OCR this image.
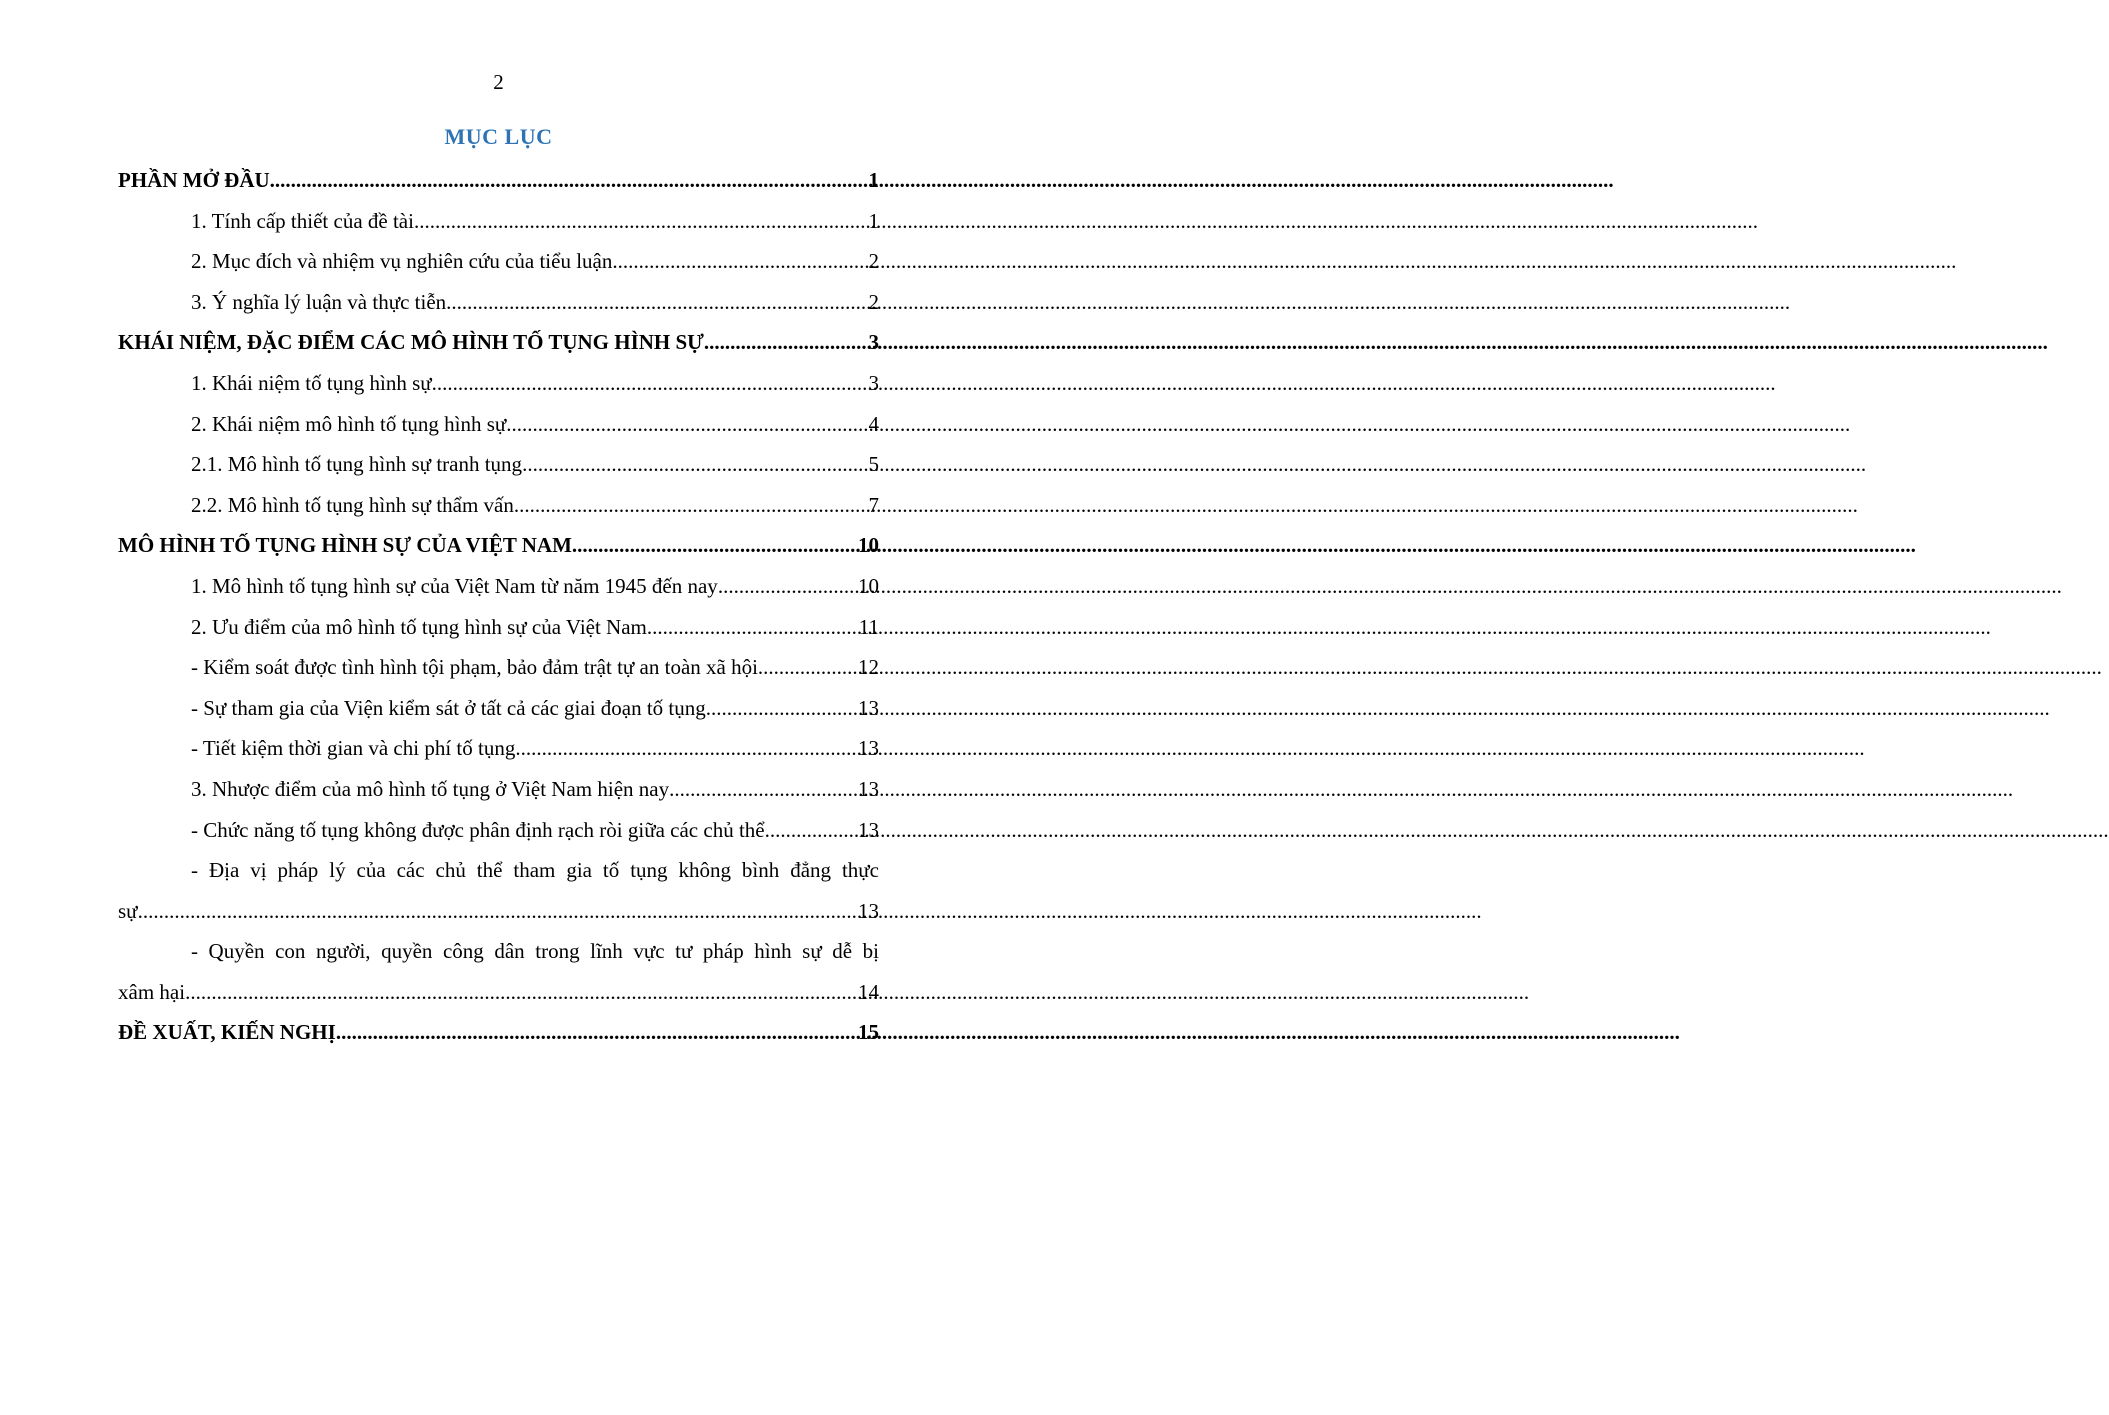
2
MỤC LỤC
PHẦN MỞ ĐẦU .....	1
1. Tính cấp thiết của đề tài .....	1
2. Mục đích và nhiệm vụ nghiên cứu của tiểu luận .....	2
3. Ý nghĩa lý luận và thực tiễn .....	2
KHÁI NIỆM, ĐẶC ĐIỂM CÁC MÔ HÌNH TỐ TỤNG HÌNH SỰ .....	3
1. Khái niệm tố tụng hình sự .....	3
2. Khái niệm mô hình tố tụng hình sự .....	4
2.1. Mô hình tố tụng hình sự tranh tụng .....	5
2.2. Mô hình tố tụng hình sự thẩm vấn .....	7
MÔ HÌNH TỐ TỤNG HÌNH SỰ CỦA VIỆT NAM .....	10
1. Mô hình tố tụng hình sự của Việt Nam từ năm 1945 đến nay .....	10
2. Ưu điểm của mô hình tố tụng hình sự của Việt Nam .....	11
- Kiểm soát được tình hình tội phạm, bảo đảm trật tự an toàn xã hội .....	12
- Sự tham gia của Viện kiểm sát ở tất cả các giai đoạn tố tụng .....	13
- Tiết kiệm thời gian và chi phí tố tụng. .....	13
3. Nhược điểm của mô hình tố tụng ở Việt Nam hiện nay .....	13
- Chức năng tố tụng không được phân định rạch ròi giữa các chủ thể .....	13
- Địa vị pháp lý của các chủ thể tham gia tố tụng không bình đẳng thực
sự .....	13
- Quyền con người, quyền công dân trong lĩnh vực tư pháp hình sự dễ bị
xâm hại .....	14
ĐỀ XUẤT, KIẾN NGHỊ .....	15
